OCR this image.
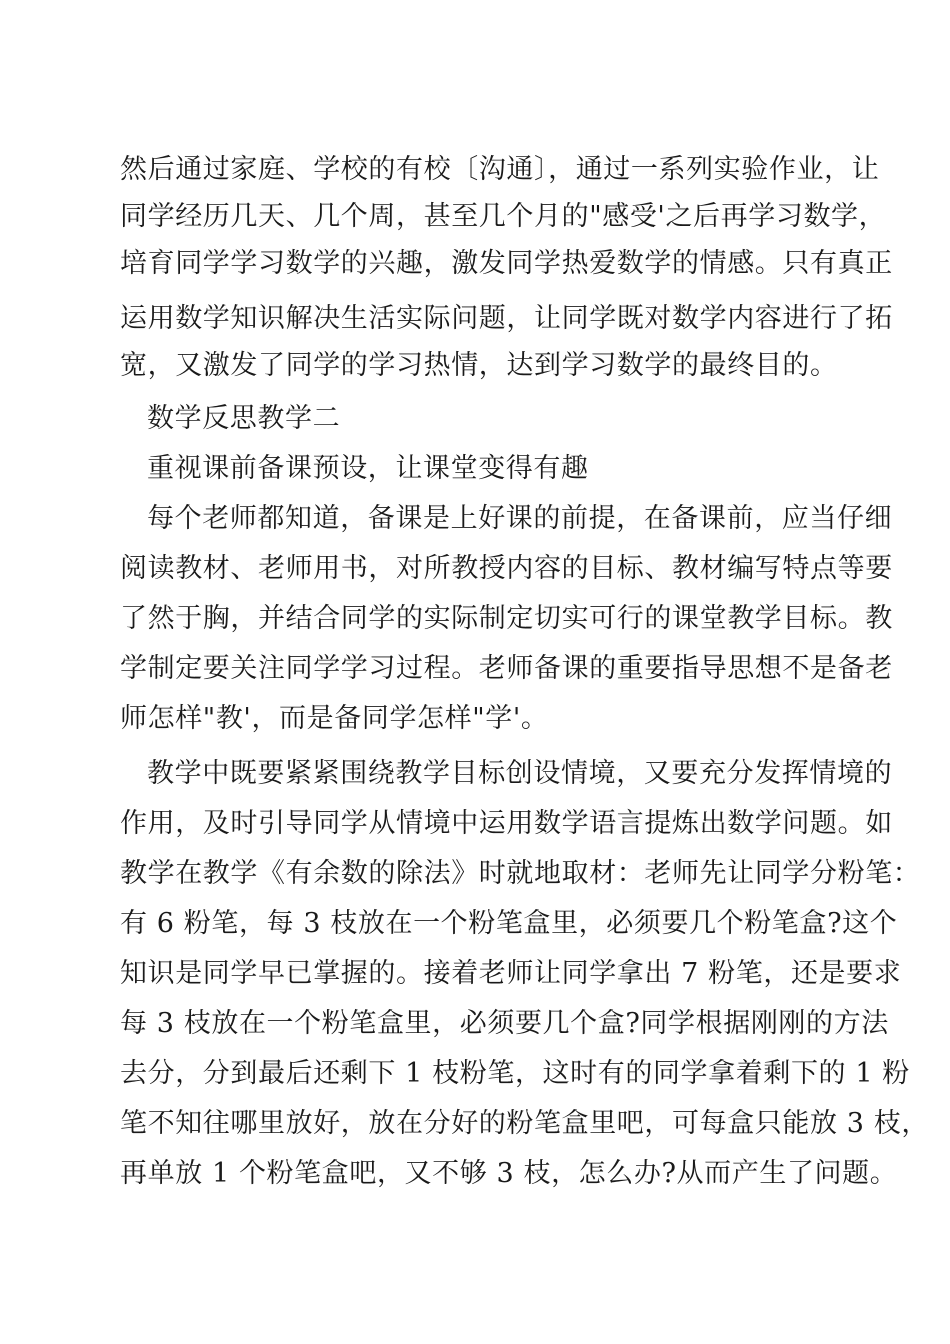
然后通过家庭、学校的有校〔沟通〕，通过一系列实验作业，让
同学经历几天、几个周，甚至几个月的"感受'之后再学习数学，
培育同学学习数学的兴趣，激发同学热爱数学的情感。只有真正
运用数学知识解决生活实际问题，让同学既对数学内容进行了拓
宽，又激发了同学的学习热情，达到学习数学的最终目的。
数学反思教学二
重视课前备课预设，让课堂变得有趣
每个老师都知道，备课是上好课的前提，在备课前，应当仔细
阅读教材、老师用书，对所教授内容的目标、教材编写特点等要
了然于胸，并结合同学的实际制定切实可行的课堂教学目标。教
学制定要关注同学学习过程。老师备课的重要指导思想不是备老
师怎样"教'，而是备同学怎样"学'。
教学中既要紧紧围绕教学目标创设情境，又要充分发挥情境的
作用，及时引导同学从情境中运用数学语言提炼出数学问题。如
教学在教学《有余数的除法》时就地取材：老师先让同学分粉笔：
有 6 粉笔，每 3 枝放在一个粉笔盒里，必须要几个粉笔盒?这个
知识是同学早已掌握的。接着老师让同学拿出 7 粉笔，还是要求
每 3 枝放在一个粉笔盒里，必须要几个盒?同学根据刚刚的方法
去分，分到最后还剩下 1 枝粉笔，这时有的同学拿着剩下的 1 粉
笔不知往哪里放好，放在分好的粉笔盒里吧，可每盒只能放 3 枝，
再单放 1 个粉笔盒吧，又不够 3 枝，怎么办?从而产生了问题。
